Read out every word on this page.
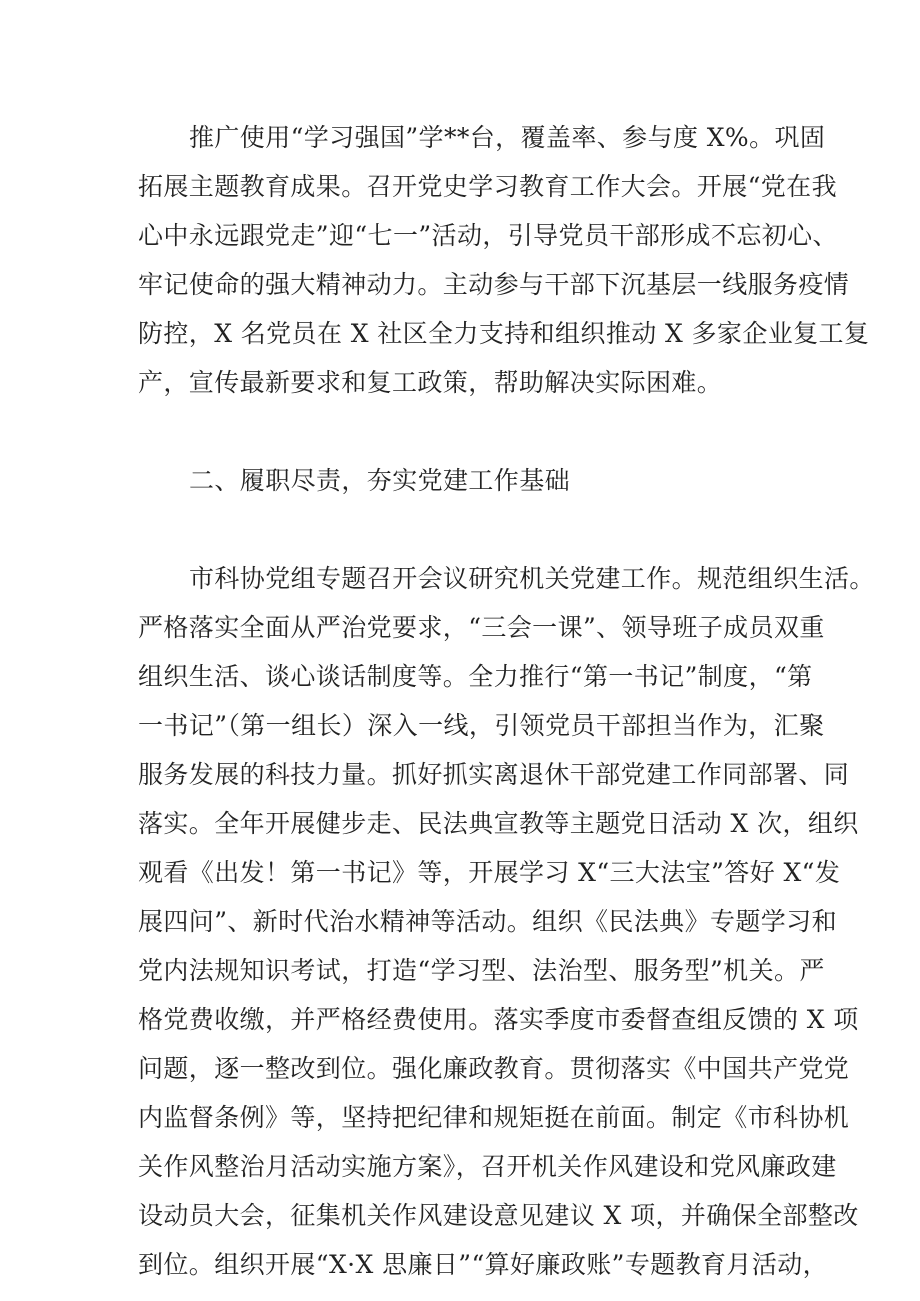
推广使用“学习强国”学**台，覆盖率、参与度 X%。巩固
拓展主题教育成果。召开党史学习教育工作大会。开展“党在我
心中永远跟党走”迎“七一”活动，引导党员干部形成不忘初心、
牢记使命的强大精神动力。主动参与干部下沉基层一线服务疫情
防控，X 名党员在 X 社区全力支持和组织推动 X 多家企业复工复
产，宣传最新要求和复工政策，帮助解决实际困难。
二、履职尽责，夯实党建工作基础
市科协党组专题召开会议研究机关党建工作。规范组织生活。
严格落实全面从严治党要求，“三会一课”、领导班子成员双重
组织生活、谈心谈话制度等。全力推行“第一书记”制度，“第
一书记”（第一组长）深入一线，引领党员干部担当作为，汇聚
服务发展的科技力量。抓好抓实离退休干部党建工作同部署、同
落实。全年开展健步走、民法典宣教等主题党日活动 X 次，组织
观看《出发！第一书记》等，开展学习 X“三大法宝”答好 X“发
展四问”、新时代治水精神等活动。组织《民法典》专题学习和
党内法规知识考试，打造“学习型、法治型、服务型”机关。严
格党费收缴，并严格经费使用。落实季度市委督查组反馈的 X 项
问题，逐一整改到位。强化廉政教育。贯彻落实《中国共产党党
内监督条例》等，坚持把纪律和规矩挺在前面。制定《市科协机
关作风整治月活动实施方案》，召开机关作风建设和党风廉政建
设动员大会，征集机关作风建设意见建议 X 项，并确保全部整改
到位。组织开展“X·X 思廉日”“算好廉政账”专题教育月活动，
